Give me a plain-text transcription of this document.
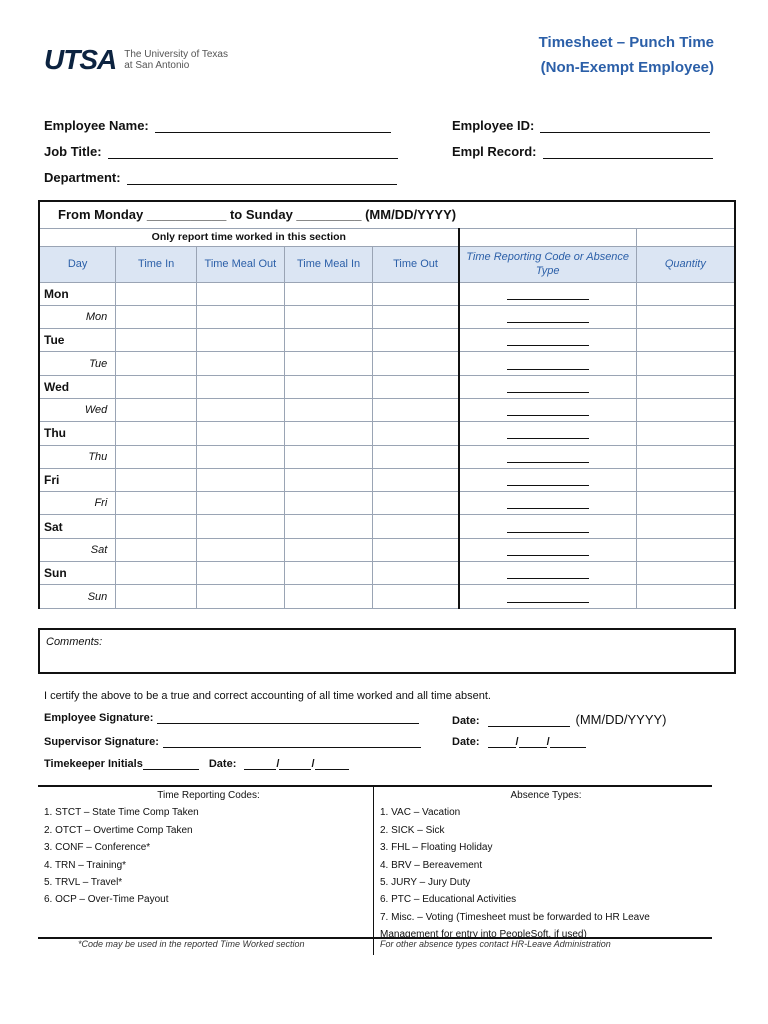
UTSA The University of Texas
at San Antonio
Timesheet – Punch Time
(Non-Exempt Employee)
Employee Name:
Job Title:
Department:
Employee ID:
Empl Record:
From Monday ___________ to Sunday _________ (MM/DD/YYYY)						
Only report time worked in this section						
Day	Time In	Time Meal Out	Time Meal In	Time Out	Time Reporting Code or Absence Type	Quantity
Mon					

Mon					

Tue					

Tue					

Wed					

Wed					

Thu					

Thu					

Fri					

Fri					

Sat					

Sat					

Sun					

Sun					

Comments:
I certify the above to be a true and correct accounting of all time worked and all time absent.
Employee Signature:	Date:	(MM/DD/YYYY)
Supervisor Signature:	Date:	/	/
Timekeeper Initials	Date:	/	/
Time Reporting Codes:
1. STCT – State Time Comp Taken
2. OTCT – Overtime Comp Taken
3. CONF – Conference*
4. TRN – Training*
5. TRVL – Travel*
6. OCP – Over-Time Payout
Absence Types:
1. VAC – Vacation
2. SICK – Sick
3. FHL – Floating Holiday
4. BRV – Bereavement
5. JURY – Jury Duty
6. PTC – Educational Activities
7. Misc. – Voting (Timesheet must be forwarded to HR Leave
Management for entry into PeopleSoft, if used)
*Code may be used in the reported Time Worked section	For other absence types contact HR-Leave Administration
